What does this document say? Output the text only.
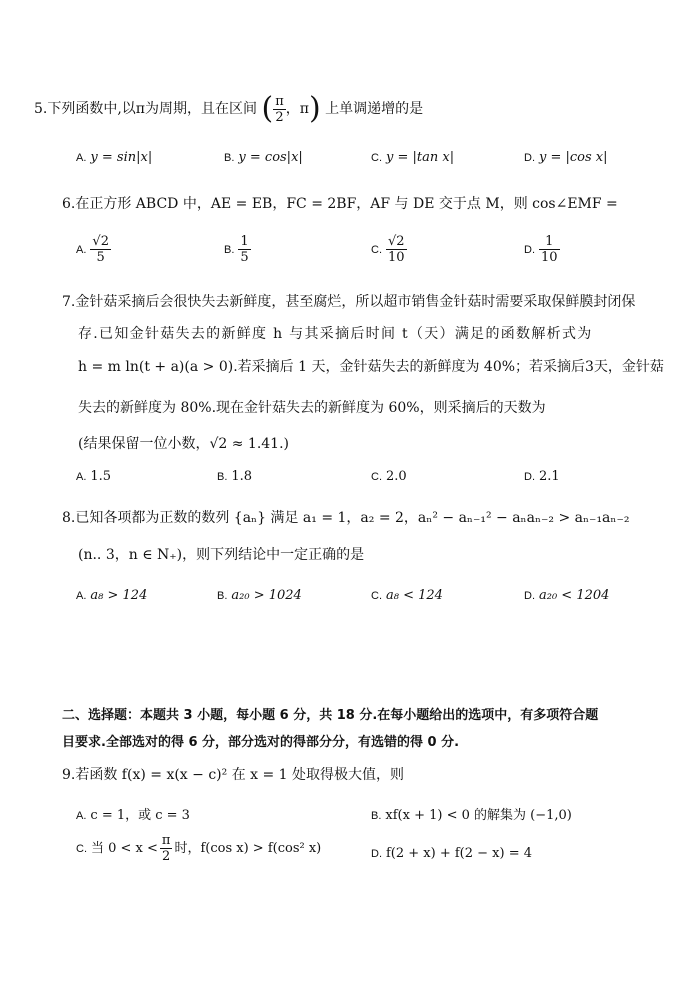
5.下列函数中,以π为周期，且在区间 ( $\frac{\pi}{2}$ ，π) 上单调递增的是
A. y = sin|x|	B. y = cos|x|	C. y = |tan x|	D. y = |cos x|
6.在正方形 ABCD 中，AE = EB，FC = 2BF，AF 与 DE 交于点 M，则 cos∠EMF =
A. $\frac{√2}{5}$	B. $\frac{1}{5}$	C. $\frac{√2}{10}$	D. $\frac{1}{10}$
7.金针菇采摘后会很快失去新鲜度，甚至腐烂，所以超市销售金针菇时需要采取保鲜膜封闭保
存.已知金针菇失去的新鲜度 h 与其采摘后时间 t（天）满足的函数解析式为
h = m ln(t + a)(a > 0).若采摘后 1 天，金针菇失去的新鲜度为 40%；若采摘后3天，金针菇
失去的新鲜度为 80%.现在金针菇失去的新鲜度为 60%，则采摘后的天数为
(结果保留一位小数，√2 ≈ 1.41.)
A. 1.5	B. 1.8	C. 2.0	D. 2.1
8.已知各项都为正数的数列 {aₙ} 满足 a₁ = 1，a₂ = 2，aₙ² − aₙ₋₁² − aₙaₙ₋₂ > aₙ₋₁aₙ₋₂
(n.. 3，n ∈ N₊)，则下列结论中一定正确的是
A. a₈ > 124	B. a₂₀ > 1024	C. a₈ < 124	D. a₂₀ < 1204
二、选择题：本题共 3 小题，每小题 6 分，共 18 分.在每小题给出的选项中，有多项符合题
目要求.全部选对的得 6 分，部分选对的得部分分，有选错的得 0 分.
9.若函数 f(x) = x(x − c)² 在 x = 1 处取得极大值，则
A. c = 1，或 c = 3	B. xf(x + 1) < 0 的解集为 (−1,0)
C. 当 $0 < x < \frac{\pi}{2}$ 时，f(cos x) > f(cos² x)	D. f(2 + x) + f(2 − x) = 4
